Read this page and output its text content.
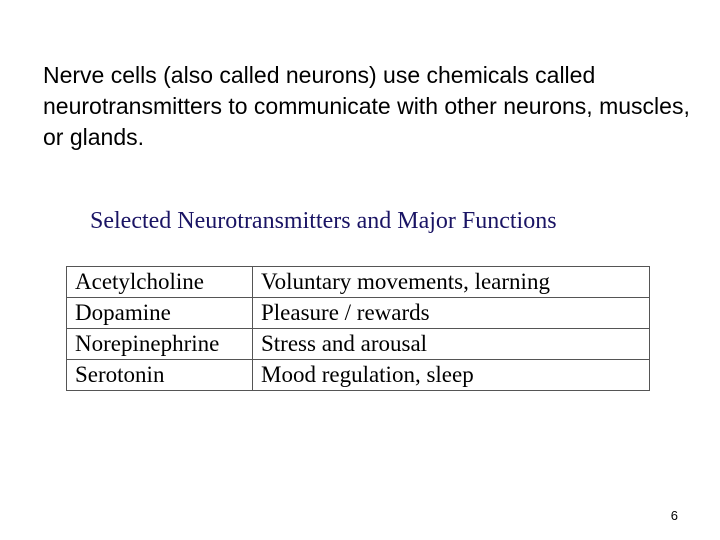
Nerve cells (also called neurons) use chemicals called neurotransmitters to communicate with other neurons, muscles, or glands.
Selected Neurotransmitters and Major Functions
Acetylcholine	Voluntary movements, learning
Dopamine	Pleasure / rewards
Norepinephrine	Stress and arousal
Serotonin	Mood regulation, sleep
6
